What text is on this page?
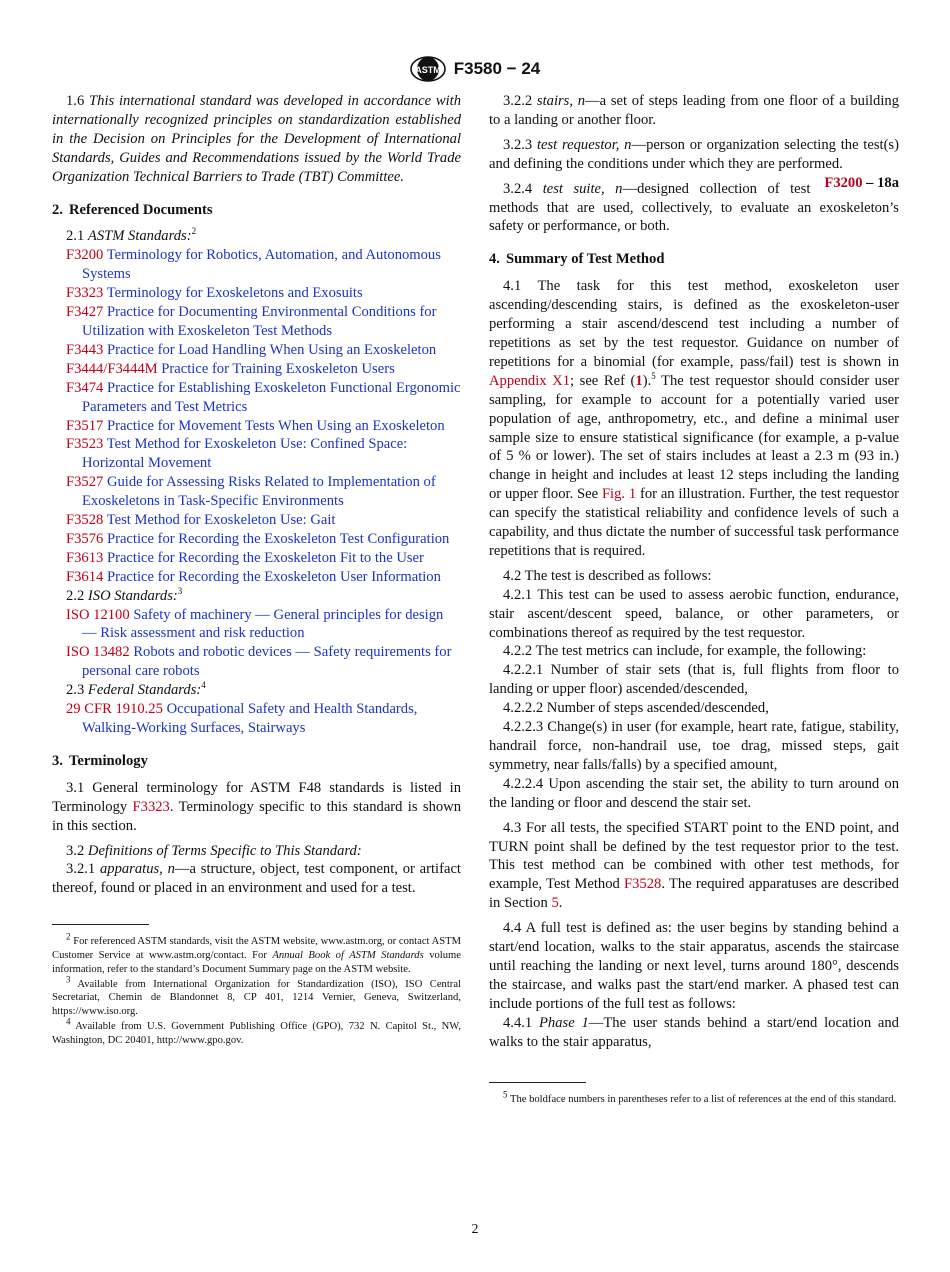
ASTM F3580 − 24

1.6 This international standard was developed in accordance with internationally recognized principles on standardization established in the Decision on Principles for the Development of International Standards, Guides and Recommendations issued by the World Trade Organization Technical Barriers to Trade (TBT) Committee.

2. Referenced Documents

2.1 ASTM Standards:$^2$

F3200 Terminology for Robotics, Automation, and Autonomous Systems

F3323 Terminology for Exoskeletons and Exosuits

F3427 Practice for Documenting Environmental Conditions for Utilization with Exoskeleton Test Methods

F3443 Practice for Load Handling When Using an Exoskeleton

F3444/F3444M Practice for Training Exoskeleton Users

F3474 Practice for Establishing Exoskeleton Functional Ergonomic Parameters and Test Metrics

F3517 Practice for Movement Tests When Using an Exoskeleton

F3523 Test Method for Exoskeleton Use: Confined Space: Horizontal Movement

F3527 Guide for Assessing Risks Related to Implementation of Exoskeletons in Task-Specific Environments

F3528 Test Method for Exoskeleton Use: Gait

F3576 Practice for Recording the Exoskeleton Test Configuration

F3613 Practice for Recording the Exoskeleton Fit to the User

F3614 Practice for Recording the Exoskeleton User Information

2.2 ISO Standards:$^3$

ISO 12100 Safety of machinery — General principles for design — Risk assessment and risk reduction

ISO 13482 Robots and robotic devices — Safety requirements for personal care robots

2.3 Federal Standards:$^4$

29 CFR 1910.25 Occupational Safety and Health Standards, Walking-Working Surfaces, Stairways

3. Terminology

3.1 General terminology for ASTM F48 standards is listed in Terminology F3323. Terminology specific to this standard is shown in this section.

3.2 Definitions of Terms Specific to This Standard:

3.2.1 apparatus, n—a structure, object, test component, or artifact thereof, found or placed in an environment and used for a test.

$^2$ For referenced ASTM standards, visit the ASTM website, www.astm.org, or contact ASTM Customer Service at www.astm.org/contact. For Annual Book of ASTM Standards volume information, refer to the standard’s Document Summary page on the ASTM website.

$^3$ Available from International Organization for Standardization (ISO), ISO Central Secretariat, Chemin de Blandonnet 8, CP 401, 1214 Vernier, Geneva, Switzerland, https://www.iso.org.

$^4$ Available from U.S. Government Publishing Office (GPO), 732 N. Capitol St., NW, Washington, DC 20401, http://www.gpo.gov.

3.2.2 stairs, n—a set of steps leading from one floor of a building to a landing or another floor.

3.2.3 test requestor, n—person or organization selecting the test(s) and defining the conditions under which they are performed.
F3200 – 18a

3.2.4 test suite, n—designed collection of test methods that are used, collectively, to evaluate an exoskeleton’s safety or performance, or both.

4. Summary of Test Method

4.1 The task for this test method, exoskeleton user ascending/descending stairs, is defined as the exoskeleton-user performing a stair ascend/descend test including a number of repetitions as set by the test requestor. Guidance on number of repetitions for a binomial (for example, pass/fail) test is shown in Appendix X1; see Ref (1).$^5$ The test requestor should consider user sampling, for example to account for a potentially varied user population of age, anthropometry, etc., and define a minimal user sample size to ensure statistical significance (for example, a p-value of 5 % or lower). The set of stairs includes at least a 2.3 m (93 in.) change in height and includes at least 12 steps including the landing or upper floor. See Fig. 1 for an illustration. Further, the test requestor can specify the statistical reliability and confidence levels of such a capability, and thus dictate the number of successful task performance repetitions that is required.

4.2 The test is described as follows:

4.2.1 This test can be used to assess aerobic function, endurance, stair ascent/descent speed, balance, or other parameters, or combinations thereof as required by the test requestor.

4.2.2 The test metrics can include, for example, the following:

4.2.2.1 Number of stair sets (that is, full flights from floor to landing or upper floor) ascended/descended,

4.2.2.2 Number of steps ascended/descended,

4.2.2.3 Change(s) in user (for example, heart rate, fatigue, stability, handrail force, non-handrail use, toe drag, missed steps, gait symmetry, near falls/falls) by a specified amount,

4.2.2.4 Upon ascending the stair set, the ability to turn around on the landing or floor and descend the stair set.

4.3 For all tests, the specified START point to the END point, and TURN point shall be defined by the test requestor prior to the test. This test method can be combined with other test methods, for example, Test Method F3528. The required apparatuses are described in Section 5.

4.4 A full test is defined as: the user begins by standing behind a start/end location, walks to the stair apparatus, ascends the staircase until reaching the landing or next level, turns around 180°, descends the staircase, and walks past the start/end marker. A phased test can include portions of the full test as follows:

4.4.1 Phase 1—The user stands behind a start/end location and walks to the stair apparatus,

$^5$ The boldface numbers in parentheses refer to a list of references at the end of this standard.

2
